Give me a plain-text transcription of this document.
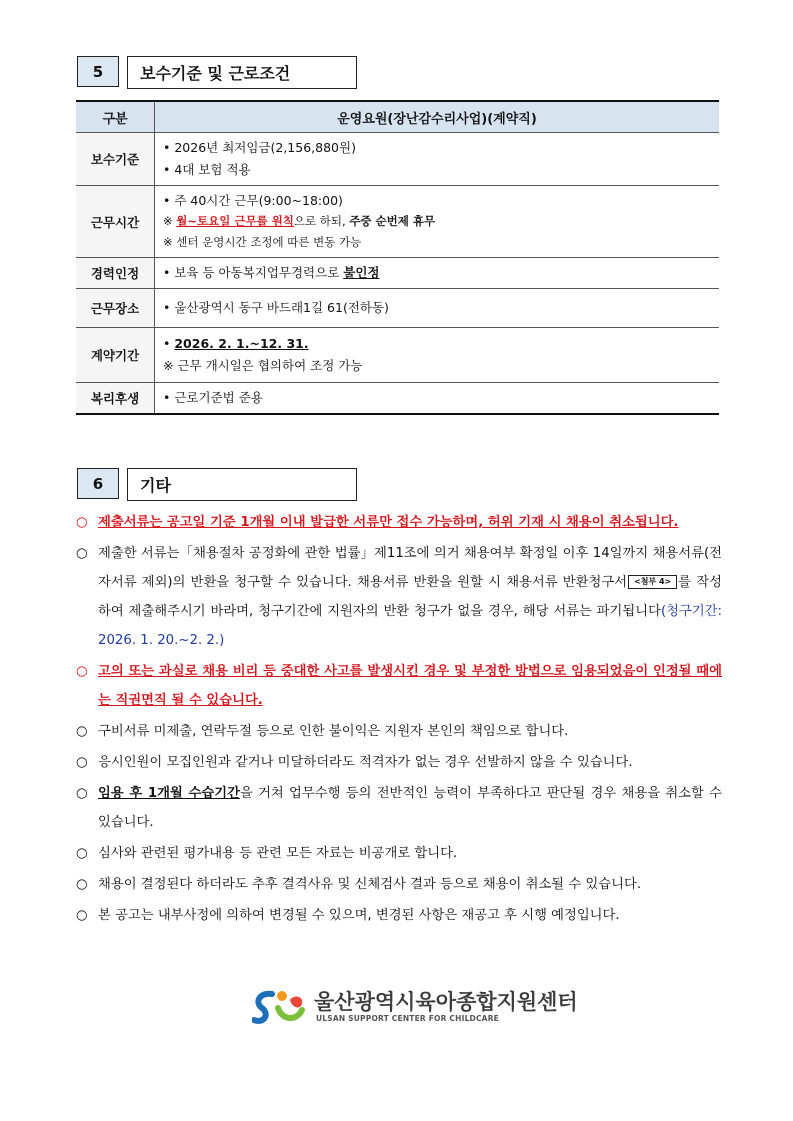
5	보수기준 및 근로조건
구분	운영요원(장난감수리사업)(계약직)
보수기준	• 2026년 최저임금(2,156,880원)
• 4대 보험 적용

근무시간	• 주 40시간 근무(9:00~18:00)
※ 월~토요일 근무를 원칙으로 하되, 주중 순번제 휴무
※ 센터 운영시간 조정에 따른 변동 가능

경력인정	• 보육 등 아동복지업무경력으로 불인정
근무장소	• 울산광역시 동구 바드래1길 61(전하동)
계약기간	• 2026. 2. 1.~12. 31.
※ 근무 개시일은 협의하여 조정 가능

복리후생	• 근로기준법 준용
6	기타
○ 제출서류는 공고일 기준 1개월 이내 발급한 서류만 접수 가능하며, 허위 기재 시 채용이 취소됩니다.
○ 제출한 서류는「채용절차 공정화에 관한 법률」제11조에 의거 채용여부 확정일 이후 14일까지 채용서류(전자서류 제외)의 반환을 청구할 수 있습니다. 채용서류 반환을 원할 시 채용서류 반환청구서 <첨부 4> 를 작성하여 제출해주시기 바라며, 청구기간에 지원자의 반환 청구가 없을 경우, 해당 서류는 파기됩니다(청구기간: 2026. 1. 20.~2. 2.)
○ 고의 또는 과실로 채용 비리 등 중대한 사고를 발생시킨 경우 및 부정한 방법으로 임용되었음이 인정될 때에는 직권면직 될 수 있습니다.
○ 구비서류 미제출, 연락두절 등으로 인한 불이익은 지원자 본인의 책임으로 합니다.
○ 응시인원이 모집인원과 같거나 미달하더라도 적격자가 없는 경우 선발하지 않을 수 있습니다.
○ 임용 후 1개월 수습기간을 거쳐 업무수행 등의 전반적인 능력이 부족하다고 판단될 경우 채용을 취소할 수 있습니다.
○ 심사와 관련된 평가내용 등 관련 모든 자료는 비공개로 합니다.
○ 채용이 결정된다 하더라도 추후 결격사유 및 신체검사 결과 등으로 채용이 취소될 수 있습니다.
○ 본 공고는 내부사정에 의하여 변경될 수 있으며, 변경된 사항은 재공고 후 시행 예정입니다.
울산광역시육아종합지원센터
ULSAN SUPPORT CENTER FOR CHILDCARE
